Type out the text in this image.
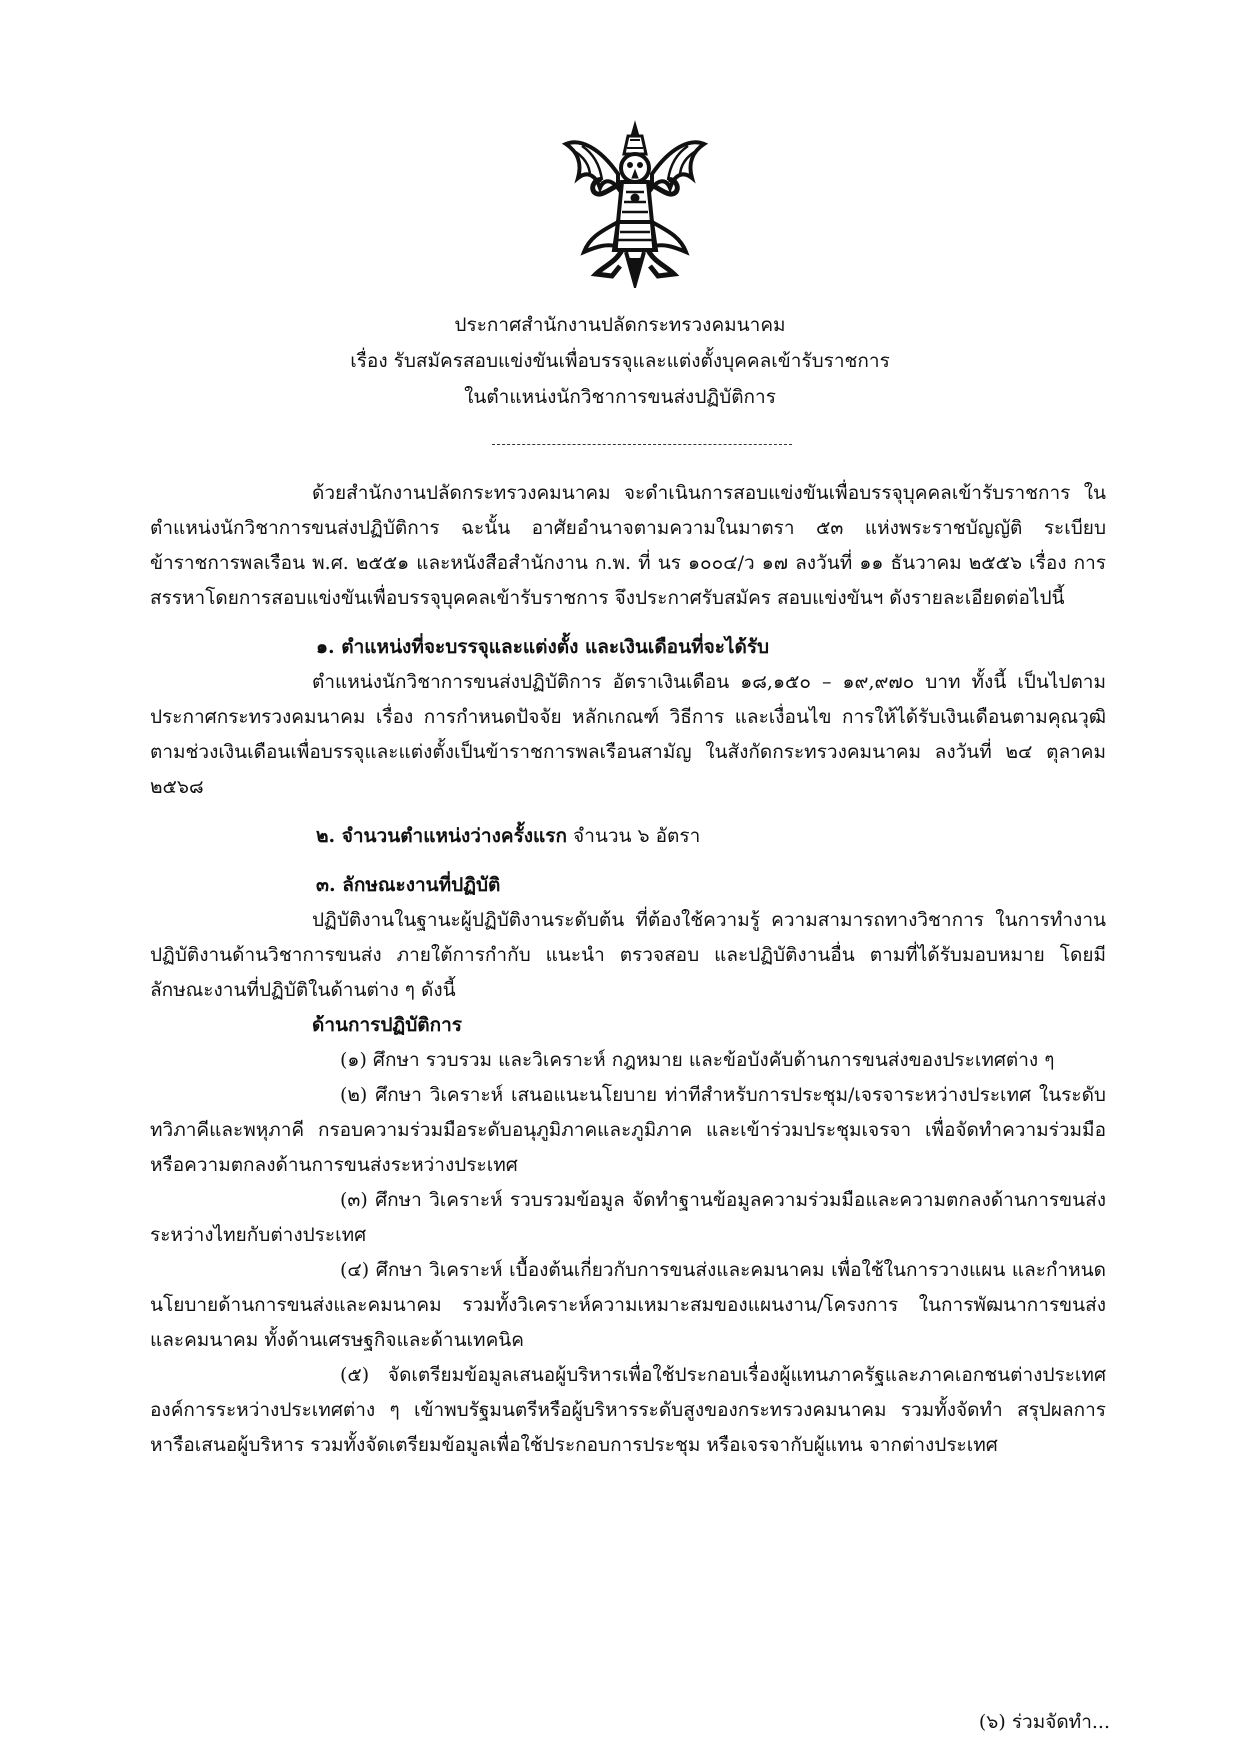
ประกาศสำนักงานปลัดกระทรวงคมนาคม
เรื่อง รับสมัครสอบแข่งขันเพื่อบรรจุและแต่งตั้งบุคคลเข้ารับราชการ
ในตำแหน่งนักวิชาการขนส่งปฏิบัติการ

ด้วยสำนักงานปลัดกระทรวงคมนาคม จะดำเนินการสอบแข่งขันเพื่อบรรจุบุคคลเข้ารับราชการ ในตำแหน่งนักวิชาการขนส่งปฏิบัติการ ฉะนั้น อาศัยอำนาจตามความในมาตรา ๕๓ แห่งพระราชบัญญัติ ระเบียบข้าราชการพลเรือน พ.ศ. ๒๕๕๑ และหนังสือสำนักงาน ก.พ. ที่ นร ๑๐๐๔/ว ๑๗ ลงวันที่ ๑๑ ธันวาคม ๒๕๕๖ เรื่อง การสรรหาโดยการสอบแข่งขันเพื่อบรรจุบุคคลเข้ารับราชการ จึงประกาศรับสมัคร สอบแข่งขันฯ ดังรายละเอียดต่อไปนี้

๑. ตำแหน่งที่จะบรรจุและแต่งตั้ง และเงินเดือนที่จะได้รับ

ตำแหน่งนักวิชาการขนส่งปฏิบัติการ อัตราเงินเดือน ๑๘,๑๕๐ – ๑๙,๙๗๐ บาท ทั้งนี้ เป็นไปตามประกาศกระทรวงคมนาคม เรื่อง การกำหนดปัจจัย หลักเกณฑ์ วิธีการ และเงื่อนไข การให้ได้รับเงินเดือนตามคุณวุฒิตามช่วงเงินเดือนเพื่อบรรจุและแต่งตั้งเป็นข้าราชการพลเรือนสามัญ ในสังกัดกระทรวงคมนาคม ลงวันที่ ๒๔ ตุลาคม ๒๕๖๘

๒. จำนวนตำแหน่งว่างครั้งแรก จำนวน ๖ อัตรา

๓. ลักษณะงานที่ปฏิบัติ

ปฏิบัติงานในฐานะผู้ปฏิบัติงานระดับต้น ที่ต้องใช้ความรู้ ความสามารถทางวิชาการ ในการทำงาน ปฏิบัติงานด้านวิชาการขนส่ง ภายใต้การกำกับ แนะนำ ตรวจสอบ และปฏิบัติงานอื่น ตามที่ได้รับมอบหมาย โดยมีลักษณะงานที่ปฏิบัติในด้านต่าง ๆ ดังนี้

ด้านการปฏิบัติการ

(๑) ศึกษา รวบรวม และวิเคราะห์ กฎหมาย และข้อบังคับด้านการขนส่งของประเทศต่าง ๆ

(๒) ศึกษา วิเคราะห์ เสนอแนะนโยบาย ท่าทีสำหรับการประชุม/เจรจาระหว่างประเทศ ในระดับทวิภาคีและพหุภาคี กรอบความร่วมมือระดับอนุภูมิภาคและภูมิภาค และเข้าร่วมประชุมเจรจา เพื่อจัดทำความร่วมมือหรือความตกลงด้านการขนส่งระหว่างประเทศ

(๓) ศึกษา วิเคราะห์ รวบรวมข้อมูล จัดทำฐานข้อมูลความร่วมมือและความตกลงด้านการขนส่ง ระหว่างไทยกับต่างประเทศ

(๔) ศึกษา วิเคราะห์ เบื้องต้นเกี่ยวกับการขนส่งและคมนาคม เพื่อใช้ในการวางแผน และกำหนดนโยบายด้านการขนส่งและคมนาคม รวมทั้งวิเคราะห์ความเหมาะสมของแผนงาน/โครงการ ในการพัฒนาการขนส่งและคมนาคม ทั้งด้านเศรษฐกิจและด้านเทคนิค

(๕) จัดเตรียมข้อมูลเสนอผู้บริหารเพื่อใช้ประกอบเรื่องผู้แทนภาครัฐและภาคเอกชนต่างประเทศ องค์การระหว่างประเทศต่าง ๆ เข้าพบรัฐมนตรีหรือผู้บริหารระดับสูงของกระทรวงคมนาคม รวมทั้งจัดทำ สรุปผลการหารือเสนอผู้บริหาร รวมทั้งจัดเตรียมข้อมูลเพื่อใช้ประกอบการประชุม หรือเจรจากับผู้แทน จากต่างประเทศ

(๖) ร่วมจัดทำ...
